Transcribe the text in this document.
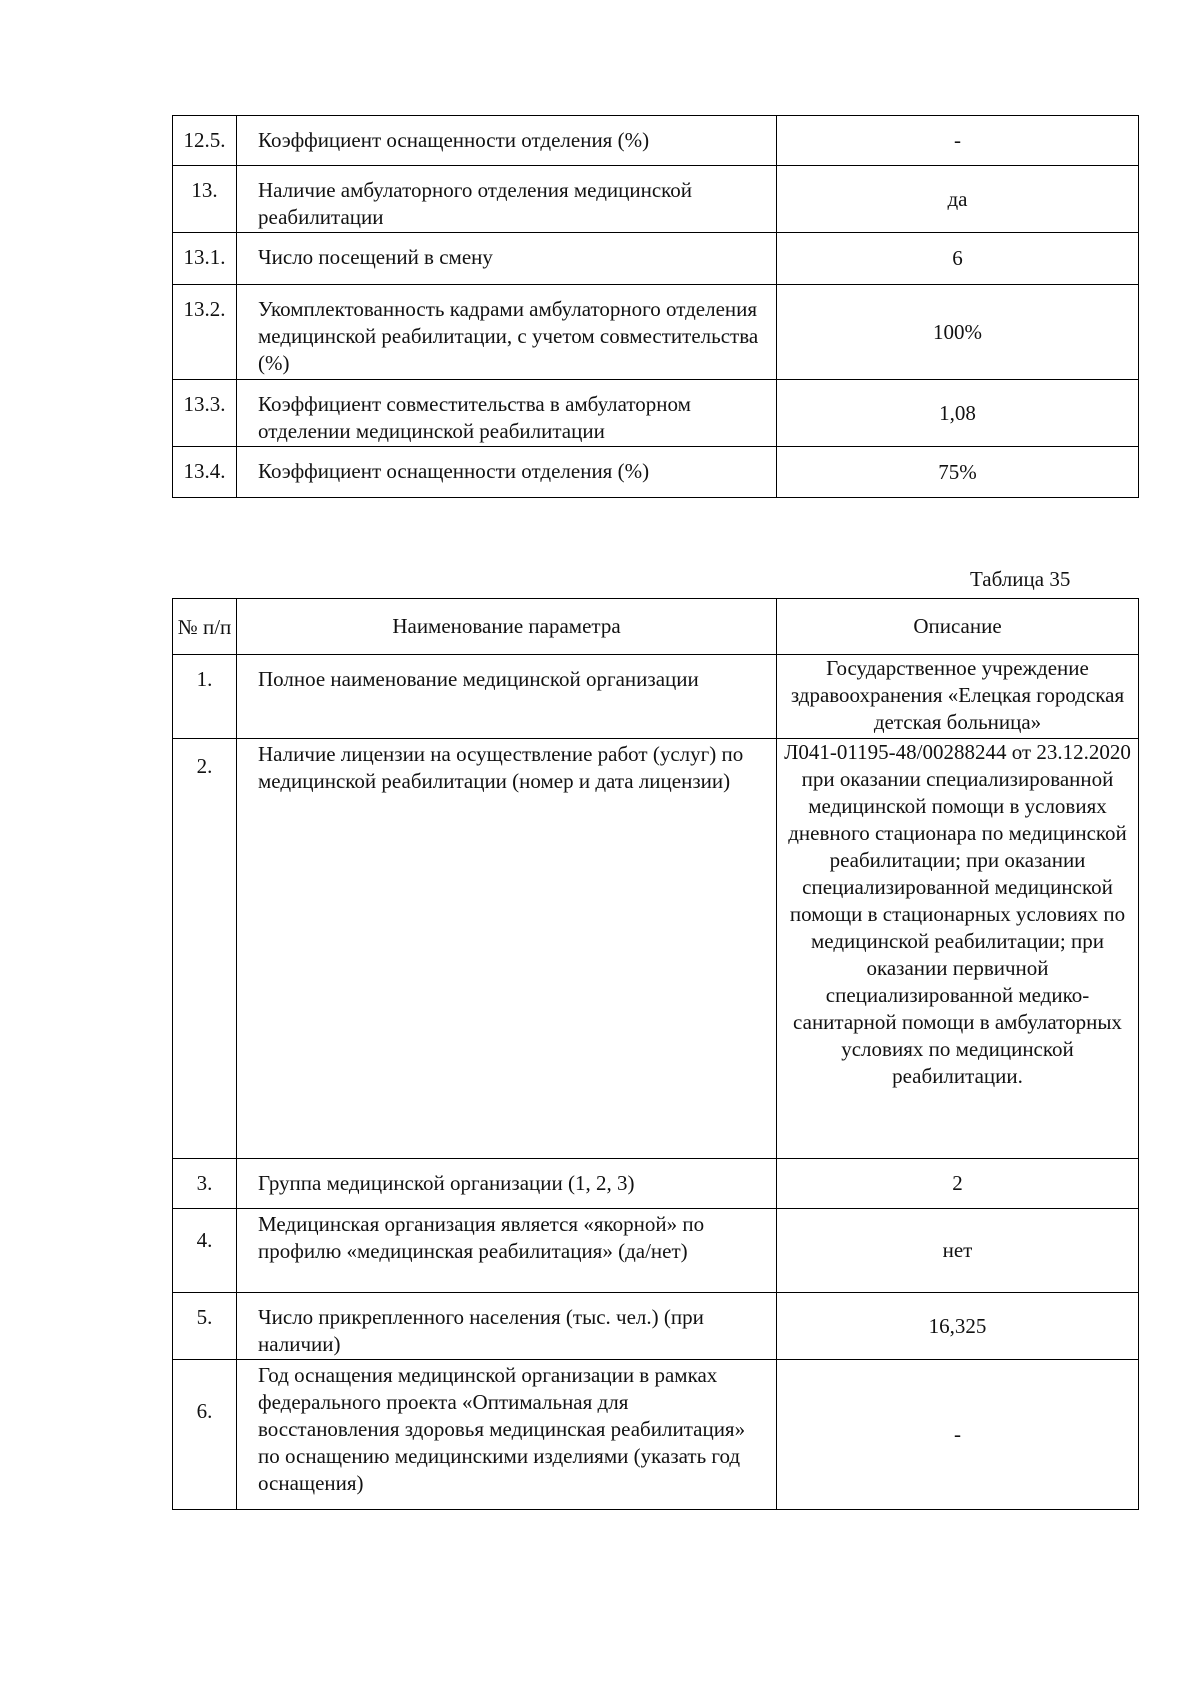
12.5.	Коэффициент оснащенности отделения (%)	-
13.	Наличие амбулаторного отделения медицинской реабилитации	да
13.1.	Число посещений в смену	6
13.2.	Укомплектованность кадрами амбулаторного отделения медицинской реабилитации, с учетом совместительства (%)	100%
13.3.	Коэффициент совместительства в амбулаторном отделении медицинской реабилитации	1,08
13.4.	Коэффициент оснащенности отделения (%)	75%
Таблица 35
№ п/п	Наименование параметра	Описание
1.	Полное наименование медицинской организации	Государственное учреждение здравоохранения «Елецкая городская детская больница»
2.	Наличие лицензии на осуществление работ (услуг) по медицинской реабилитации (номер и дата лицензии)	Л041-01195-48/00288244 от 23.12.2020 при оказании специализированной медицинской помощи в условиях дневного стационара по медицинской реабилитации; при оказании специализированной медицинской помощи в стационарных условиях по медицинской реабилитации; при оказании первичной специализированной медико-санитарной помощи в амбулаторных условиях по медицинской реабилитации.
3.	Группа медицинской организации (1, 2, 3)	2
4.	Медицинская организация является «якорной» по профилю «медицинская реабилитация» (да/нет)	нет
5.	Число прикрепленного населения (тыс. чел.) (при наличии)	16,325
6.	Год оснащения медицинской организации в рамках федерального проекта «Оптимальная для восстановления здоровья медицинская реабилитация» по оснащению медицинскими изделиями (указать год оснащения)	-
